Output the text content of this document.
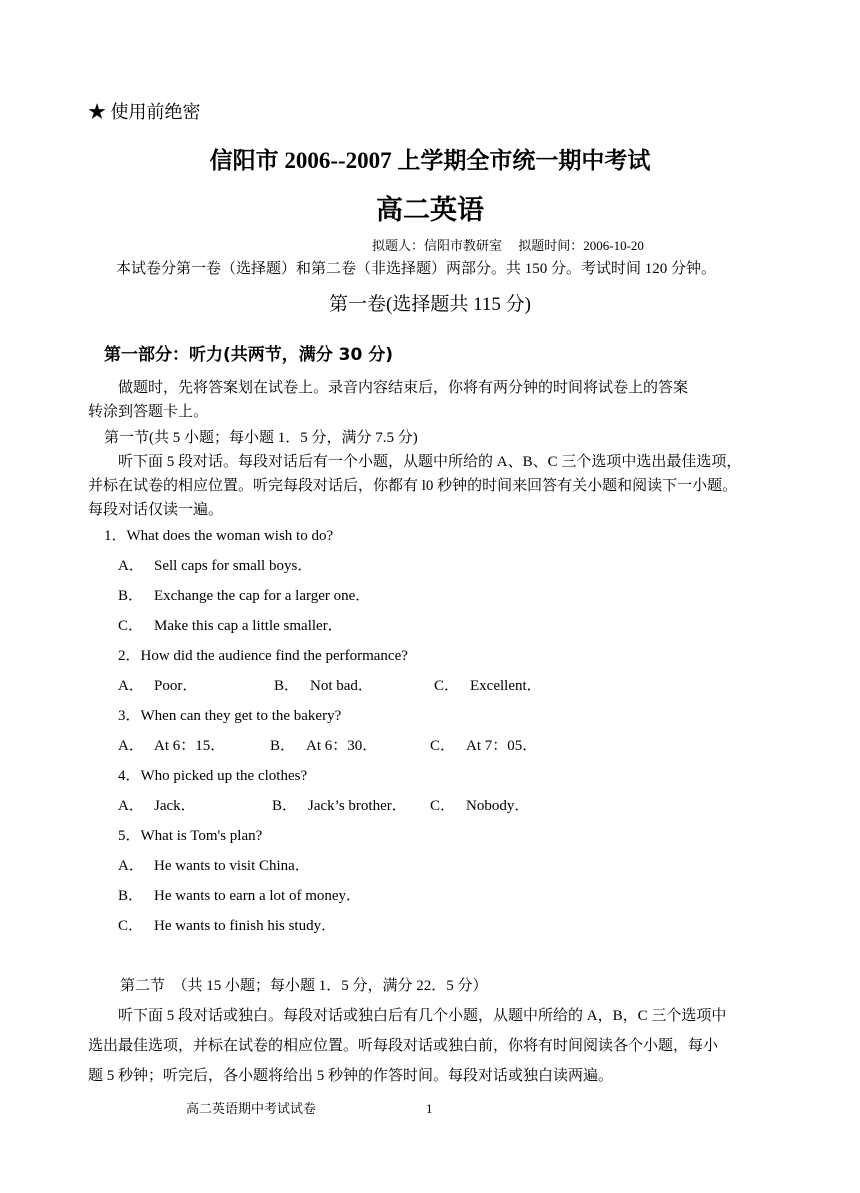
★ 使用前绝密
信阳市 2006--2007 上学期全市统一期中考试
高二英语
拟题人：信阳市教研室　 拟题时间：2006-10-20
本试卷分第一卷（选择题）和第二卷（非选择题）两部分。共 150 分。考试时间 120 分钟。
第一卷(选择题共 115 分)
第一部分：听力(共两节，满分 30 分)
做题时，先将答案划在试卷上。录音内容结束后，你将有两分钟的时间将试卷上的答案
转涂到答题卡上。
第一节(共 5 小题；每小题 1．5 分，满分 7.5 分)
听下面 5 段对话。每段对话后有一个小题，从题中所给的 A、B、C 三个选项中选出最佳选项，
并标在试卷的相应位置。听完每段对话后，你都有 l0 秒钟的时间来回答有关小题和阅读下一小题。
每段对话仅读一遍。
1．What does the woman wish to do?
A． Sell caps for small boys．
B． Exchange the cap for a larger one．
C． Make this cap a little smaller．
2．How did the audience find the performance?
A． Poor．	B． Not bad．	C． Excellent．
3．When can they get to the bakery?
A． At 6：15．	B． At 6：30．	C． At 7：05．
4．Who picked up the clothes?
A． Jack．	B． Jack’s brother． C． Nobody．
5．What is Tom's plan?
A． He wants to visit China．
B． He wants to earn a lot of money．
C． He wants to finish his study．
第二节　（共 15 小题；每小题 1．5 分，满分 22．5 分）
听下面 5 段对话或独白。每段对话或独白后有几个小题，从题中所给的 A，B，C 三个选项中
选出最佳选项，并标在试卷的相应位置。听每段对话或独白前，你将有时间阅读各个小题，每小
题 5 秒钟；听完后，各小题将给出 5 秒钟的作答时间。每段对话或独白读两遍。
高二英语期中考试试卷	1
